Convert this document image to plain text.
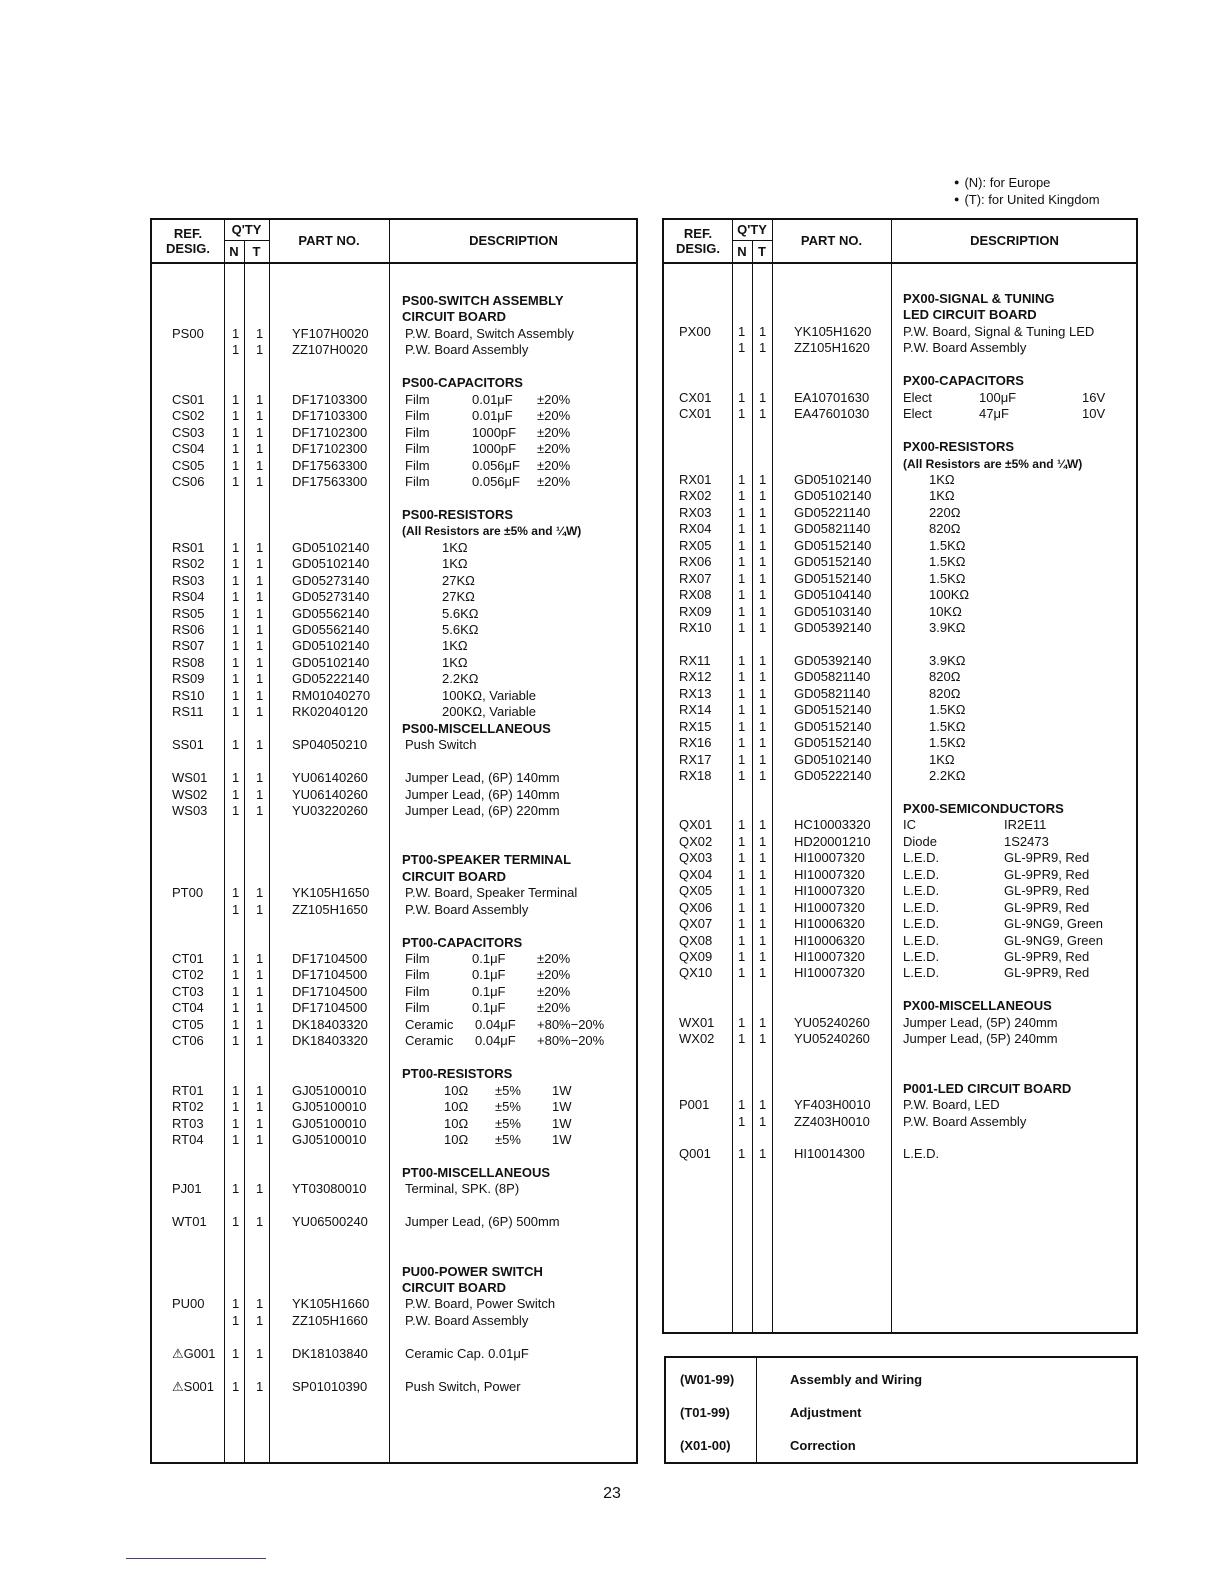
● (N): for Europe
● (T): for United Kingdom
REF.
DESIG.
Q'TY
N	T
PART NO.	DESCRIPTION
PS00-SWITCH ASSEMBLY
CIRCUIT BOARD
PS00 1 1 YF107H0020	P.W. Board, Switch Assembly
1 1 ZZ107H0020	P.W. Board Assembly
PS00-CAPACITORS
CS01 1 1 DF17103300	Film	0.01μF ±20%
CS02 1 1 DF17103300	Film	0.01μF ±20%
CS03 1 1 DF17102300	Film	1000pF ±20%
CS04 1 1 DF17102300	Film	1000pF ±20%
CS05 1 1 DF17563300	Film	0.056μF ±20%
CS06 1 1 DF17563300	Film	0.056μF ±20%
PS00-RESISTORS
(All Resistors are ±5% and ¼W)
RS01 1 1 GD05102140	1KΩ
RS02 1 1 GD05102140	1KΩ
RS03 1 1 GD05273140	27KΩ
RS04 1 1 GD05273140	27KΩ
RS05 1 1 GD05562140	5.6KΩ
RS06 1 1 GD05562140	5.6KΩ
RS07 1 1 GD05102140	1KΩ
RS08 1 1 GD05102140	1KΩ
RS09 1 1 GD05222140	2.2KΩ
RS10 1 1 RM01040270	100KΩ, Variable
RS11 1 1 RK02040120	200KΩ, Variable
PS00-MISCELLANEOUS
SS01 1 1 SP04050210	Push Switch
WS01 1 1 YU06140260	Jumper Lead, (6P) 140mm
WS02 1 1 YU06140260	Jumper Lead, (6P) 140mm
WS03 1 1 YU03220260	Jumper Lead, (6P) 220mm
PT00-SPEAKER TERMINAL
CIRCUIT BOARD
PT00 1 1 YK105H1650	P.W. Board, Speaker Terminal
1 1 ZZ105H1650	P.W. Board Assembly
PT00-CAPACITORS
CT01 1 1 DF17104500	Film	0.1μF ±20%
CT02 1 1 DF17104500	Film	0.1μF ±20%
CT03 1 1 DF17104500	Film	0.1μF ±20%
CT04 1 1 DF17104500	Film	0.1μF ±20%
CT05 1 1 DK18403320	Ceramic 0.04μF +80%−20%
CT06 1 1 DK18403320	Ceramic 0.04μF +80%−20%
PT00-RESISTORS
RT01 1 1 GJ05100010	10Ω ±5% 1W
RT02 1 1 GJ05100010	10Ω ±5% 1W
RT03 1 1 GJ05100010	10Ω ±5% 1W
RT04 1 1 GJ05100010	10Ω ±5% 1W
PT00-MISCELLANEOUS
PJ01 1 1 YT03080010	Terminal, SPK. (8P)
WT01 1 1 YU06500240	Jumper Lead, (6P) 500mm
PU00-POWER SWITCH
CIRCUIT BOARD
PU00 1 1 YK105H1660	P.W. Board, Power Switch
1 1 ZZ105H1660	P.W. Board Assembly
⚠G001 1 1 DK18103840	Ceramic Cap. 0.01μF
⚠S001 1 1 SP01010390	Push Switch, Power
REF.
DESIG.
Q'TY
N T
PART NO.	DESCRIPTION
PX00-SIGNAL & TUNING
LED CIRCUIT BOARD
PX00 1 1 YK105H1620 P.W. Board, Signal & Tuning LED
1 1 ZZ105H1620	P.W. Board Assembly
PX00-CAPACITORS
CX01 1 1 EA10701630	Elect	100μF	16V
CX01 1 1 EA47601030	Elect	47μF	10V
PX00-RESISTORS
(All Resistors are ±5% and ¼W)
RX01 1 1 GD05102140	1KΩ
RX02 1 1 GD05102140	1KΩ
RX03 1 1 GD05221140	220Ω
RX04 1 1 GD05821140	820Ω
RX05 1 1 GD05152140	1.5KΩ
RX06 1 1 GD05152140	1.5KΩ
RX07 1 1 GD05152140	1.5KΩ
RX08 1 1 GD05104140	100KΩ
RX09 1 1 GD05103140	10KΩ
RX10 1 1 GD05392140	3.9KΩ
RX11 1 1 GD05392140	3.9KΩ
RX12 1 1 GD05821140	820Ω
RX13 1 1 GD05821140	820Ω
RX14 1 1 GD05152140	1.5KΩ
RX15 1 1 GD05152140	1.5KΩ
RX16 1 1 GD05152140	1.5KΩ
RX17 1 1 GD05102140	1KΩ
RX18 1 1 GD05222140	2.2KΩ
PX00-SEMICONDUCTORS
QX01 1 1 HC10003320 IC	IR2E11
QX02 1 1 HD20001210 Diode	1S2473
QX03 1 1 HI10007320	L.E.D.	GL-9PR9, Red
QX04 1 1 HI10007320	L.E.D.	GL-9PR9, Red
QX05 1 1 HI10007320	L.E.D.	GL-9PR9, Red
QX06 1 1 HI10007320	L.E.D.	GL-9PR9, Red
QX07 1 1 HI10006320	L.E.D.	GL-9NG9, Green
QX08 1 1 HI10006320	L.E.D.	GL-9NG9, Green
QX09 1 1 HI10007320	L.E.D.	GL-9PR9, Red
QX10 1 1 HI10007320	L.E.D.	GL-9PR9, Red
PX00-MISCELLANEOUS
WX01 1 1 YU05240260	Jumper Lead, (5P) 240mm
WX02 1 1 YU05240260	Jumper Lead, (5P) 240mm
P001-LED CIRCUIT BOARD
P001 1 1 YF403H0010 P.W. Board, LED
1 1 ZZ403H0010	P.W. Board Assembly
Q001 1 1 HI10014300	L.E.D.
(W01-99)	Assembly and Wiring
(T01-99)	Adjustment
(X01-00)	Correction
23
